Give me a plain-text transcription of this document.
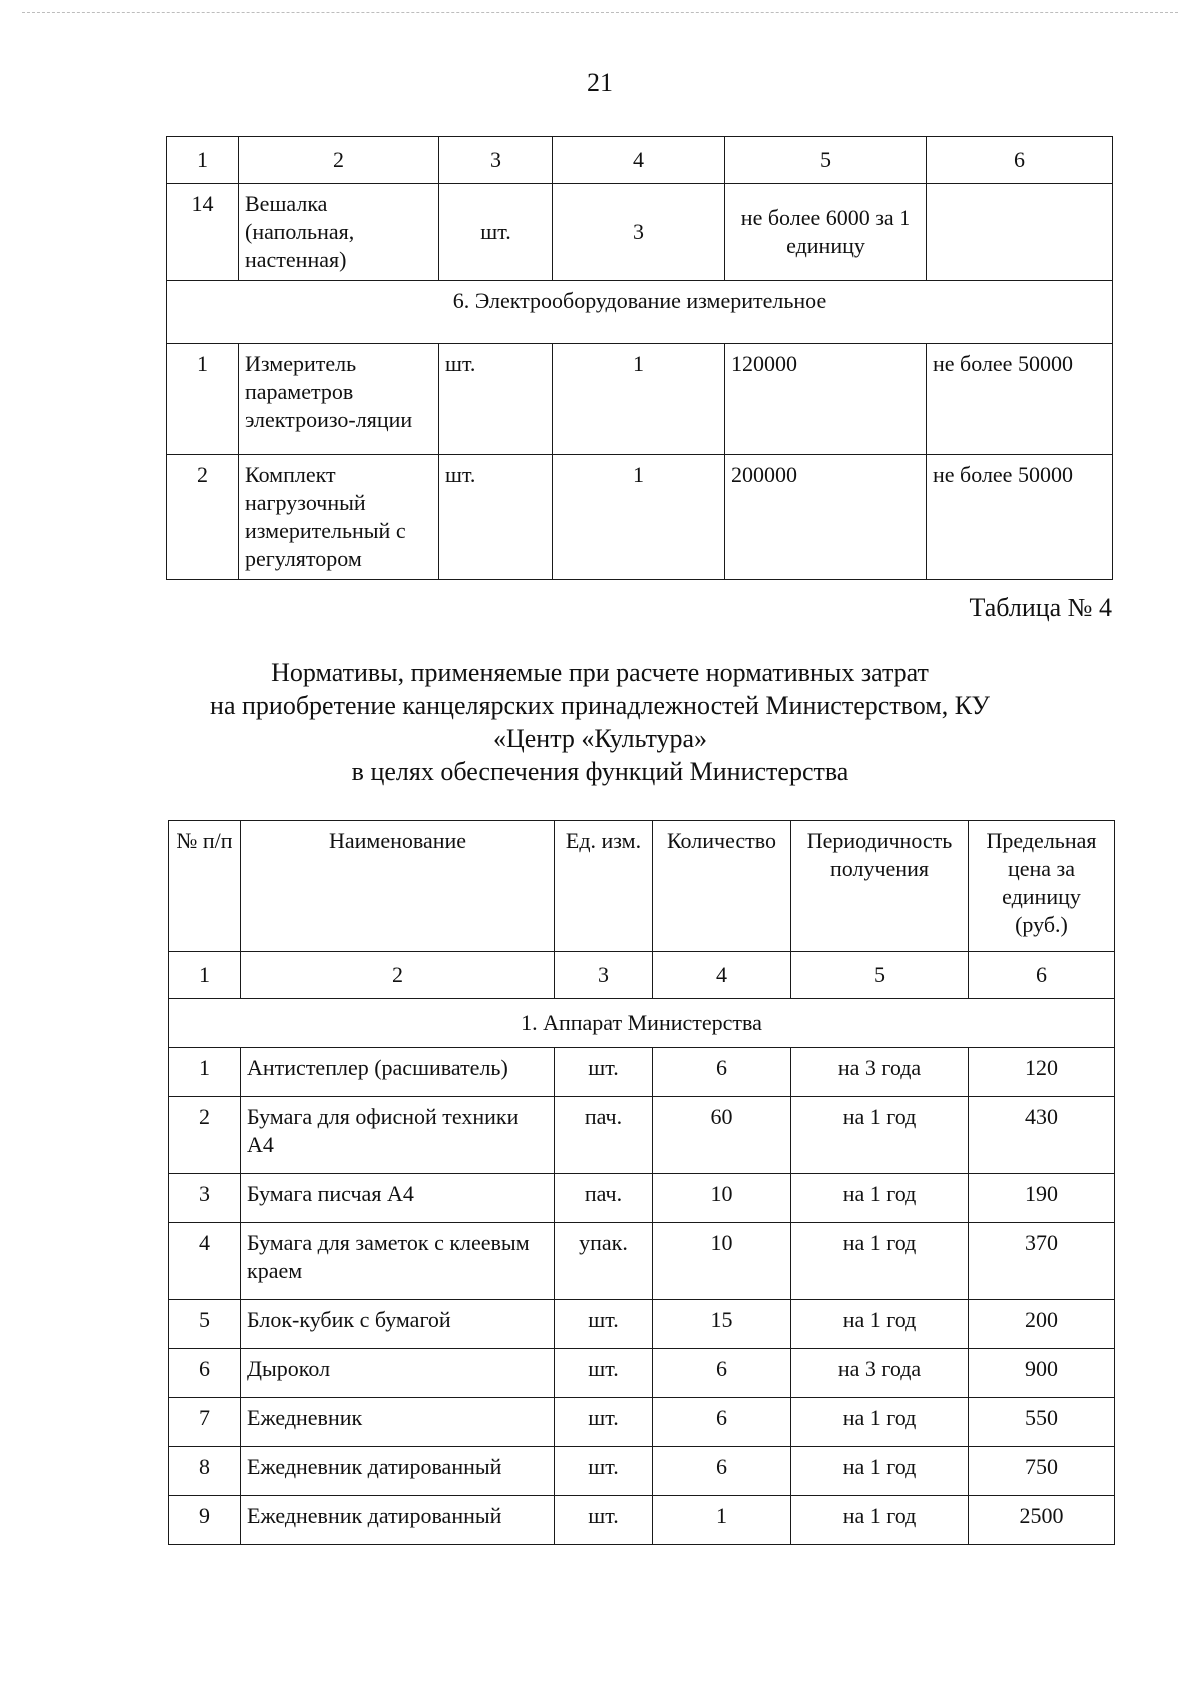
21
1	2	3	4	5	6
14	Вешалка (напольная, настенная)	шт.	3	не более 6000 за 1 единицу	
6. Электрооборудование измерительное					
1	Измеритель параметров электроизо-ляции	шт.	1	120000	не более 50000
2	Комплект нагрузочный измерительный с регулятором	шт.	1	200000	не более 50000
Таблица № 4
Нормативы, применяемые при расчете нормативных затрат
на приобретение канцелярских принадлежностей Министерством, КУ
«Центр «Культура»
в целях обеспечения функций Министерства
№ п/п	Наименование	Ед. изм.	Количество	Периодичность получения	Предельная цена за единицу (руб.)
1	2	3	4	5	6
1. Аппарат Министерства					
1	Антистеплер (расшиватель)	шт.	6	на 3 года	120
2	Бумага для офисной техники А4	пач.	60	на 1 год	430
3	Бумага писчая А4	пач.	10	на 1 год	190
4	Бумага для заметок с клеевым краем	упак.	10	на 1 год	370
5	Блок-кубик с бумагой	шт.	15	на 1 год	200
6	Дырокол	шт.	6	на 3 года	900
7	Ежедневник	шт.	6	на 1 год	550
8	Ежедневник датированный	шт.	6	на 1 год	750
9	Ежедневник датированный	шт.	1	на 1 год	2500
